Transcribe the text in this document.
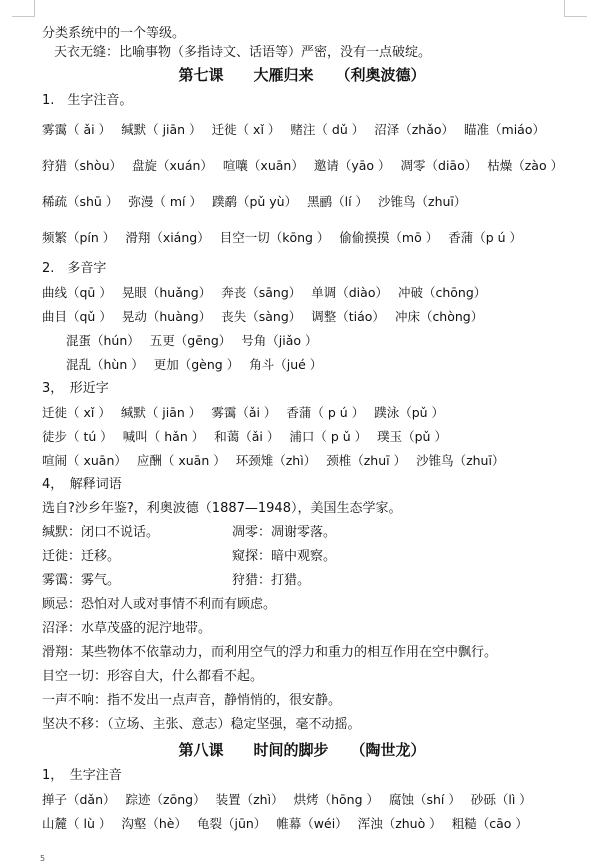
分类系统中的一个等级。
天衣无缝：比喻事物（多指诗文、话语等）严密，没有一点破绽。
第七课　　大雁归来 （利奥波德）
1.　生字注音。
雾霭（ ǎi ） 缄默（ jiān ） 迁徙（ xǐ ） 赌注（ dǔ ） 沼泽（zhǎo） 瞄准（miáo）
狩猎（shòu） 盘旋（xuán） 喧嚷（xuān） 邀请（yāo ） 凋零（diāo） 枯燥（zào ）
稀疏（shū ） 弥漫（ mí ） 蹼鹬（pǔ yù） 黑鹂（lí ） 沙锥鸟（zhuī）
频繁（pín ） 滑翔（xiáng） 目空一切（kōng ） 偷偷摸摸（mō ） 香蒲（p ú ）
2.　多音字
曲线（qū ） 晃眼（huǎng） 奔丧（sāng） 单调（diào） 冲破（chōng）
曲目（qǔ ） 晃动（huàng） 丧失（sàng） 调整（tiáo） 冲床（chòng）
混蛋（hún） 五更（gēng） 号角（jiǎo ）
混乱（hùn ） 更加（gèng ） 角斗（jué ）
3，　形近字
迁徙（ xǐ ） 缄默（ jiān ） 雾霭（ǎi ） 香蒲（ p ú ） 蹼泳（pǔ ）
徒步（ tú ） 喊叫（ hǎn ） 和蔼（ǎi ） 浦口（ p ǔ ） 璞玉（pǔ ）
喧闹（ xuān） 应酬（ xuān ） 环颈雉（zhì） 颈椎（zhuī ） 沙锥鸟（zhuī）
4，　解释词语
选自?沙乡年鉴?，利奥波德（1887—1948），美国生态学家。
缄默：闭口不说话。	凋零：凋谢零落。
迁徙：迁移。	窥探：暗中观察。
雾霭：雾气。	狩猎：打猎。
顾忌：恐怕对人或对事情不利而有顾虑。
沼泽：水草茂盛的泥泞地带。
滑翔：某些物体不依靠动力，而利用空气的浮力和重力的相互作用在空中飘行。
目空一切：形容自大，什么都看不起。
一声不响：指不发出一点声音，静悄悄的，很安静。
坚决不移：（立场、主张、意志）稳定坚强，毫不动摇。
第八课　　时间的脚步 （陶世龙）
1，　生字注音
掸子（dǎn） 踪迹（zōng） 装置（zhì） 烘烤（hōng ） 腐蚀（shí ） 砂砾（lì ）
山麓（ lù ） 沟壑（hè） 龟裂（jūn） 帷幕（wéi） 浑浊（zhuò ） 粗糙（cāo ）
5
